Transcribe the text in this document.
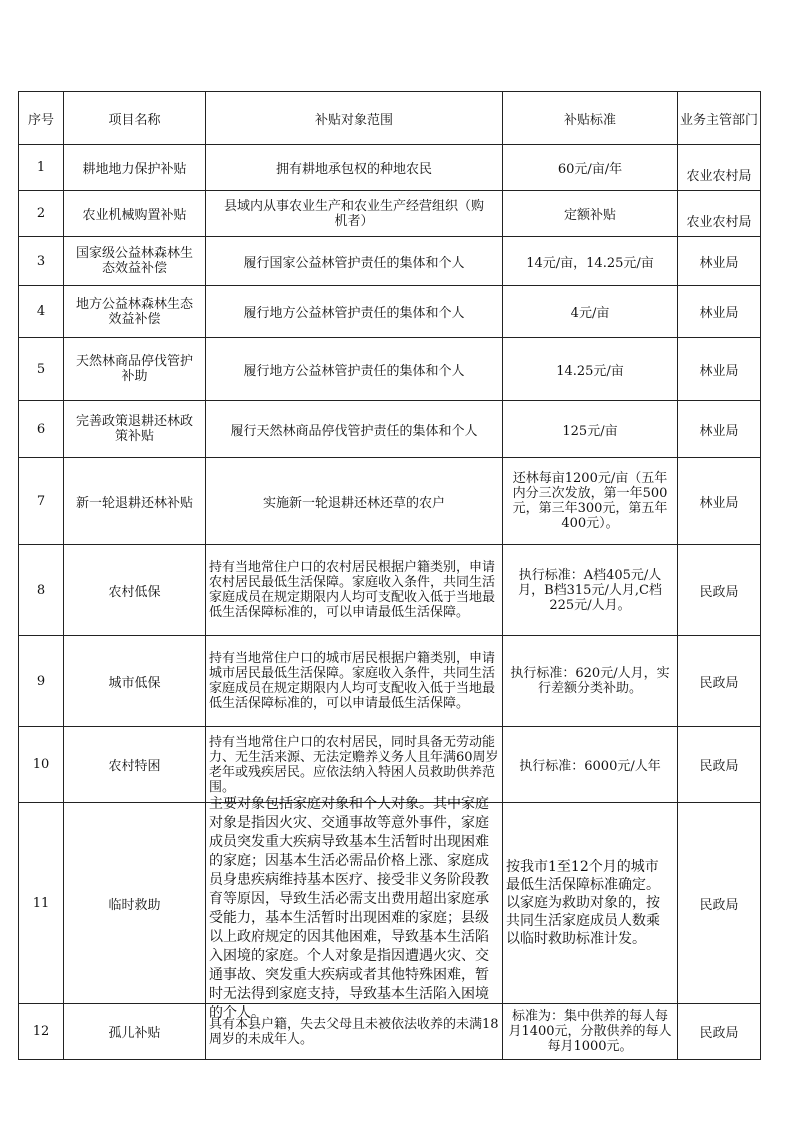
序号	项目名称	补贴对象范围	补贴标准	业务主管部门
1	耕地地力保护补贴	拥有耕地承包权的种地农民	60元/亩/年	农业农村局
2	农业机械购置补贴	县域内从事农业生产和农业生产经营组织（购机者）	定额补贴	农业农村局
3	国家级公益林森林生态效益补偿	履行国家公益林管护责任的集体和个人	14元/亩，14.25元/亩	林业局
4	地方公益林森林生态效益补偿	履行地方公益林管护责任的集体和个人	4元/亩	林业局
5	天然林商品停伐管护补助	履行地方公益林管护责任的集体和个人	14.25元/亩	林业局
6	完善政策退耕还林政策补贴	履行天然林商品停伐管护责任的集体和个人	125元/亩	林业局
7	新一轮退耕还林补贴	实施新一轮退耕还林还草的农户	还林每亩1200元/亩（五年内分三次发放，第一年500元，第三年300元，第五年400元）。	林业局
8	农村低保	持有当地常住户口的农村居民根据户籍类别，申请农村居民最低生活保障。家庭收入条件，共同生活家庭成员在规定期限内人均可支配收入低于当地最低生活保障标准的，可以申请最低生活保障。	执行标准：A档405元/人月，B档315元/人月,C档225元/人月。	民政局
9	城市低保	持有当地常住户口的城市居民根据户籍类别，申请城市居民最低生活保障。家庭收入条件，共同生活家庭成员在规定期限内人均可支配收入低于当地最低生活保障标准的，可以申请最低生活保障。	执行标准：620元/人月，实行差额分类补助。	民政局
10	农村特困	持有当地常住户口的农村居民，同时具备无劳动能力、无生活来源、无法定赡养义务人且年满60周岁老年或残疾居民。应依法纳入特困人员救助供养范围。	执行标准：6000元/人年	民政局
11	临时救助	主要对象包括家庭对象和个人对象。其中家庭对象是指因火灾、交通事故等意外事件，家庭成员突发重大疾病导致基本生活暂时出现困难的家庭；因基本生活必需品价格上涨、家庭成员身患疾病维持基本医疗、接受非义务阶段教育等原因，导致生活必需支出费用超出家庭承受能力，基本生活暂时出现困难的家庭；县级以上政府规定的因其他困难，导致基本生活陷入困境的家庭。个人对象是指因遭遇火灾、交通事故、突发重大疾病或者其他特殊困难，暂时无法得到家庭支持，导致基本生活陷入困境的个人。	按我市1至12个月的城市最低生活保障标准确定。以家庭为救助对象的，按共同生活家庭成员人数乘以临时救助标准计发。	民政局
12	孤儿补贴	具有本县户籍，失去父母且未被依法收养的未满18周岁的未成年人。	标准为：集中供养的每人每月1400元，分散供养的每人每月1000元。	民政局
